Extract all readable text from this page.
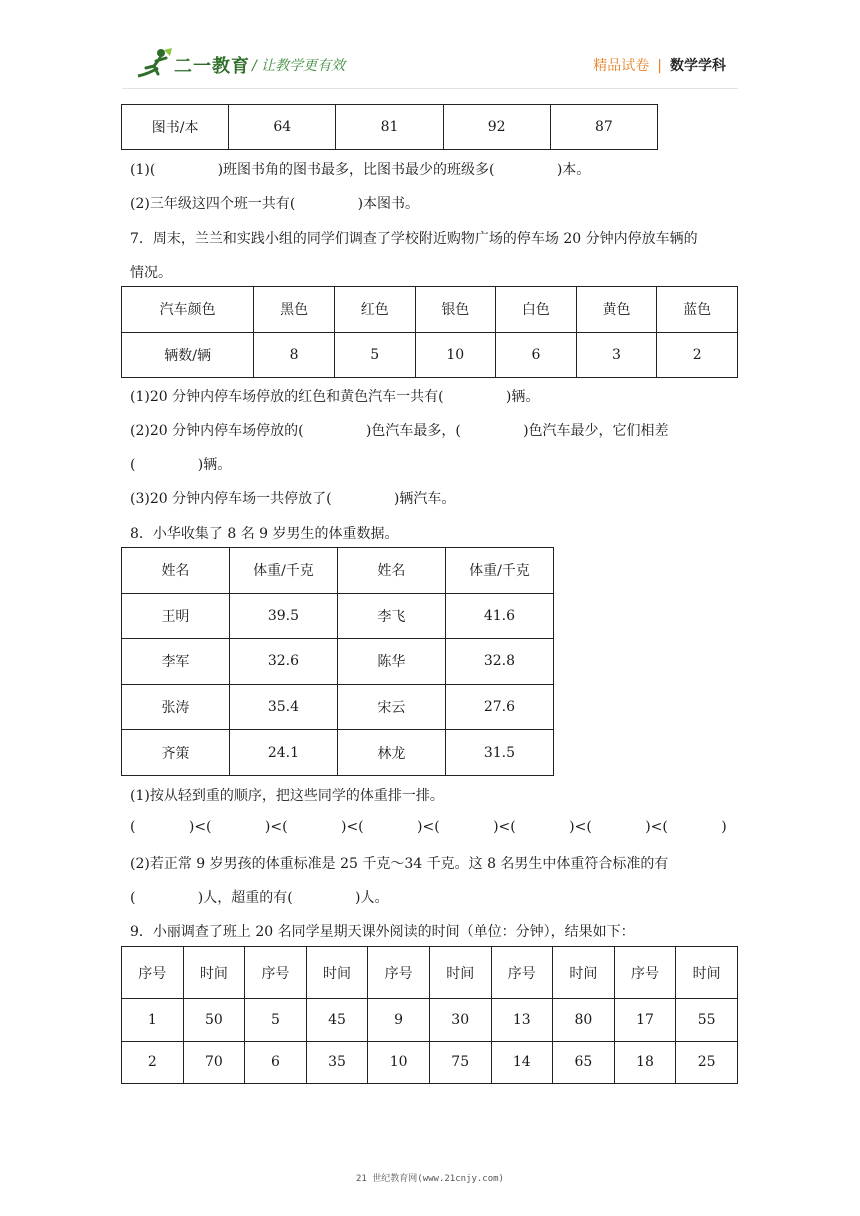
二一教育 / 让教学更有效	精品试卷 | 数学学科
图书/本	64	81	92	87
(1)(              )班图书角的图书最多，比图书最少的班级多(              )本。
(2)三年级这四个班一共有(              )本图书。
7．周末，兰兰和实践小组的同学们调查了学校附近购物广场的停车场 20 分钟内停放车辆的
情况。
汽车颜色	黑色	红色	银色	白色	黄色	蓝色
辆数/辆	8	5	10	6	3	2
(1)20 分钟内停车场停放的红色和黄色汽车一共有(              )辆。
(2)20 分钟内停车场停放的(              )色汽车最多，(              )色汽车最少，它们相差
(              )辆。
(3)20 分钟内停车场一共停放了(              )辆汽车。
8．小华收集了 8 名 9 岁男生的体重数据。
姓名	体重/千克	姓名	体重/千克
王明	39.5	李飞	41.6
李军	32.6	陈华	32.8
张涛	35.4	宋云	27.6
齐策	24.1	林龙	31.5
(1)按从轻到重的顺序，把这些同学的体重排一排。
(            )<(            )<(            )<(            )<(            )<(            )<(            )<(            )
(2)若正常 9 岁男孩的体重标准是 25 千克～34 千克。这 8 名男生中体重符合标准的有
(              )人，超重的有(              )人。
9．小丽调查了班上 20 名同学星期天课外阅读的时间（单位：分钟），结果如下：
序号	时间	序号	时间	序号	时间	序号	时间	序号	时间
1	50	5	45	9	30	13	80	17	55
2	70	6	35	10	75	14	65	18	25
21 世纪教育网(www.21cnjy.com)
